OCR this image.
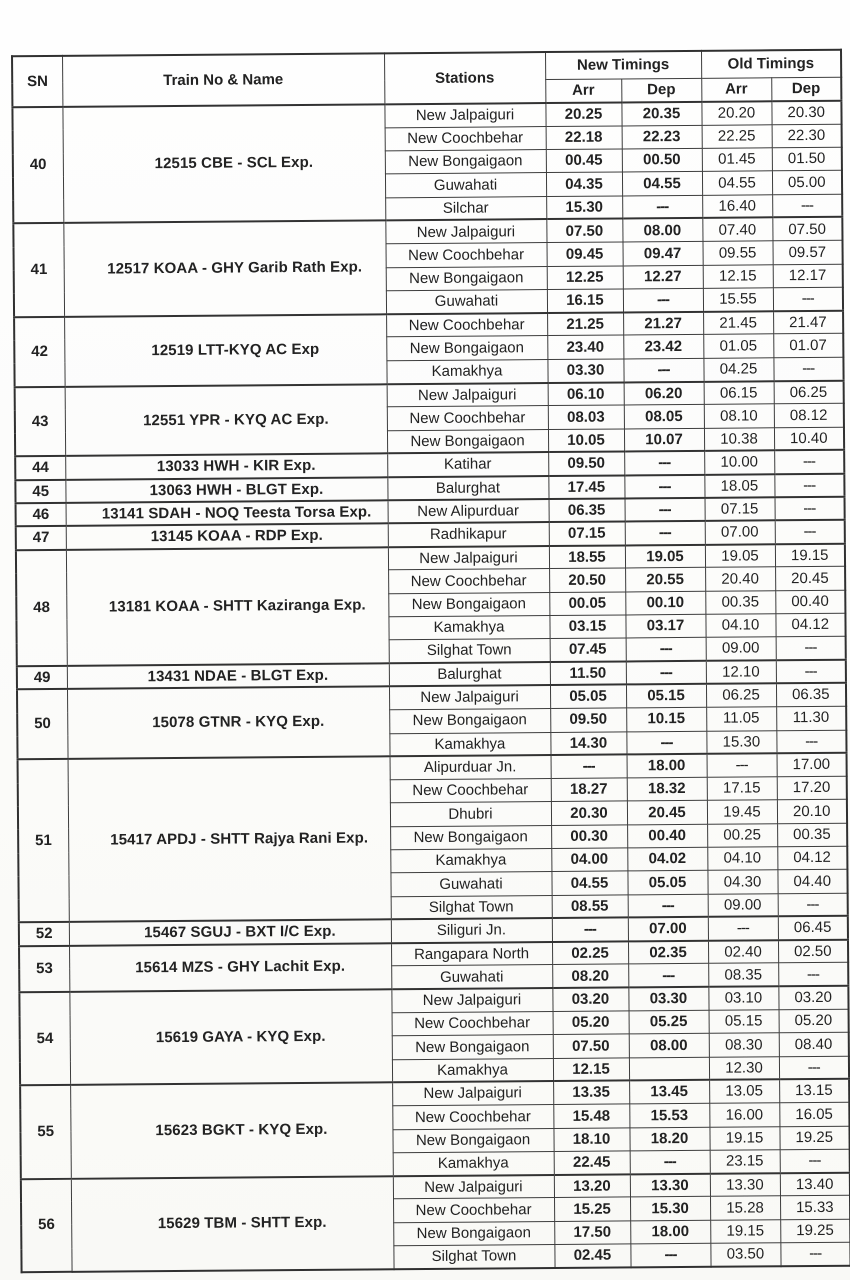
SN	Train No & Name	Stations	New Timings		Old Timings	
			Arr	Dep	Arr	Dep
40	12515 CBE - SCL Exp.	New Jalpaiguri	20.25	20.35	20.20	20.30
		New Coochbehar	22.18	22.23	22.25	22.30
		New Bongaigaon	00.45	00.50	01.45	01.50
		Guwahati	04.35	04.55	04.55	05.00
		Silchar	15.30	---	16.40	---
41	12517 KOAA - GHY Garib Rath Exp.	New Jalpaiguri	07.50	08.00	07.40	07.50
		New Coochbehar	09.45	09.47	09.55	09.57
		New Bongaigaon	12.25	12.27	12.15	12.17
		Guwahati	16.15	---	15.55	---
42	12519 LTT-KYQ AC Exp	New Coochbehar	21.25	21.27	21.45	21.47
		New Bongaigaon	23.40	23.42	01.05	01.07
		Kamakhya	03.30	---	04.25	---
43	12551 YPR - KYQ AC Exp.	New Jalpaiguri	06.10	06.20	06.15	06.25
		New Coochbehar	08.03	08.05	08.10	08.12
		New Bongaigaon	10.05	10.07	10.38	10.40
44	13033 HWH - KIR Exp.	Katihar	09.50	---	10.00	---
45	13063 HWH - BLGT Exp.	Balurghat	17.45	---	18.05	---
46	13141 SDAH - NOQ Teesta Torsa Exp.	New Alipurduar	06.35	---	07.15	---
47	13145 KOAA - RDP Exp.	Radhikapur	07.15	---	07.00	---
48	13181 KOAA - SHTT Kaziranga Exp.	New Jalpaiguri	18.55	19.05	19.05	19.15
		New Coochbehar	20.50	20.55	20.40	20.45
		New Bongaigaon	00.05	00.10	00.35	00.40
		Kamakhya	03.15	03.17	04.10	04.12
		Silghat Town	07.45	---	09.00	---
49	13431 NDAE - BLGT Exp.	Balurghat	11.50	---	12.10	---
50	15078 GTNR - KYQ Exp.	New Jalpaiguri	05.05	05.15	06.25	06.35
		New Bongaigaon	09.50	10.15	11.05	11.30
		Kamakhya	14.30	---	15.30	---
51	15417 APDJ - SHTT Rajya Rani Exp.	Alipurduar Jn.	---	18.00	---	17.00
		New Coochbehar	18.27	18.32	17.15	17.20
		Dhubri	20.30	20.45	19.45	20.10
		New Bongaigaon	00.30	00.40	00.25	00.35
		Kamakhya	04.00	04.02	04.10	04.12
		Guwahati	04.55	05.05	04.30	04.40
		Silghat Town	08.55	---	09.00	---
52	15467 SGUJ - BXT I/C Exp.	Siliguri Jn.	---	07.00	---	06.45
53	15614 MZS - GHY Lachit Exp.	Rangapara North	02.25	02.35	02.40	02.50
		Guwahati	08.20	---	08.35	---
54	15619 GAYA - KYQ Exp.	New Jalpaiguri	03.20	03.30	03.10	03.20
		New Coochbehar	05.20	05.25	05.15	05.20
		New Bongaigaon	07.50	08.00	08.30	08.40
		Kamakhya	12.15		12.30	---
55	15623 BGKT - KYQ Exp.	New Jalpaiguri	13.35	13.45	13.05	13.15
		New Coochbehar	15.48	15.53	16.00	16.05
		New Bongaigaon	18.10	18.20	19.15	19.25
		Kamakhya	22.45	---	23.15	---
56	15629 TBM - SHTT Exp.	New Jalpaiguri	13.20	13.30	13.30	13.40
		New Coochbehar	15.25	15.30	15.28	15.33
		New Bongaigaon	17.50	18.00	19.15	19.25
		Silghat Town	02.45	---	03.50	---
